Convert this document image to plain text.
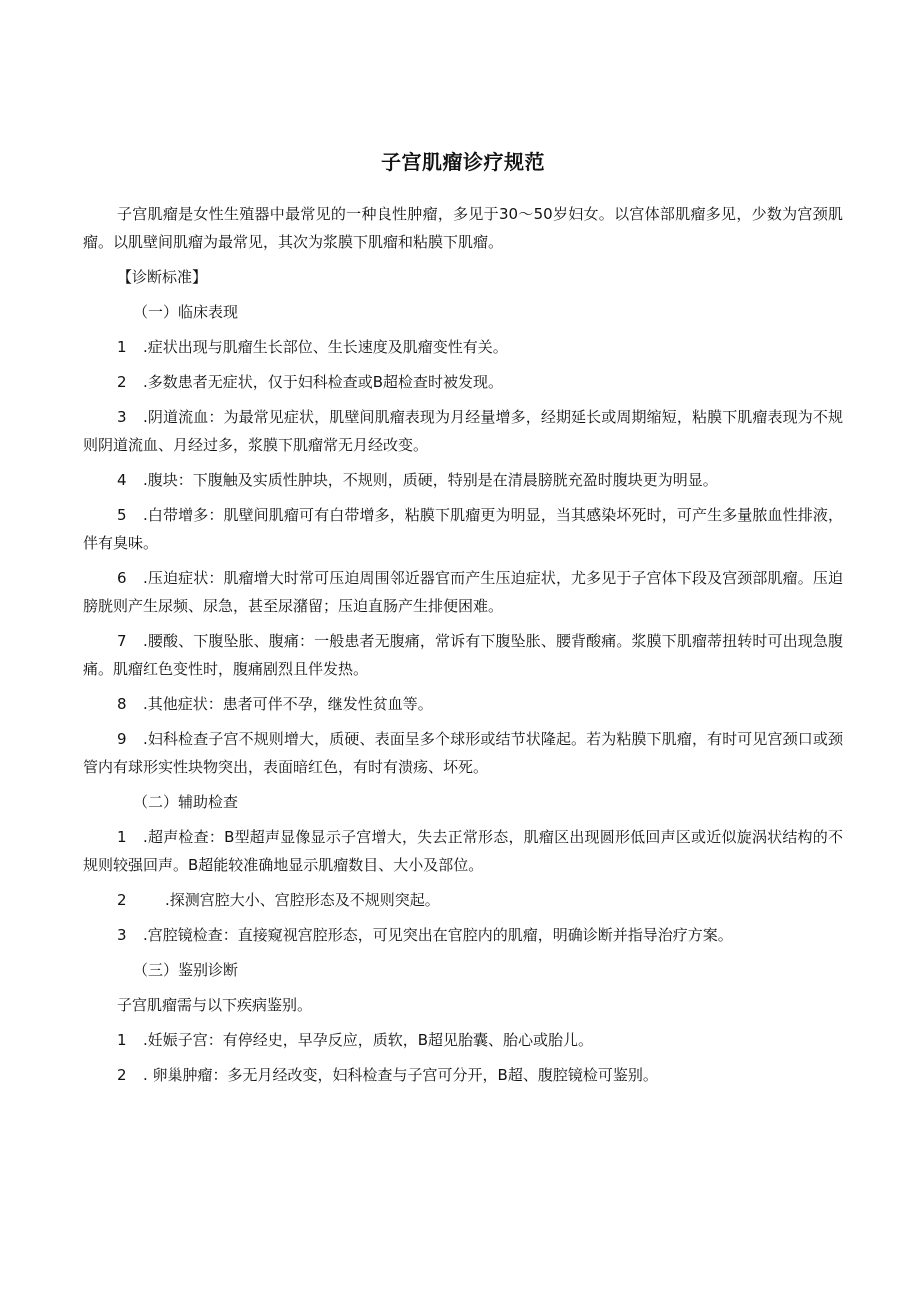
子宫肌瘤诊疗规范

子宫肌瘤是女性生殖器中最常见的一种良性肿瘤，多见于30～50岁妇女。以宫体部肌瘤多见，少数为宫颈肌瘤。以肌壁间肌瘤为最常见，其次为浆膜下肌瘤和粘膜下肌瘤。

【诊断标准】

（一）临床表现

1 .症状出现与肌瘤生长部位、生长速度及肌瘤变性有关。

2 .多数患者无症状，仅于妇科检查或B超检查时被发现。

3 .阴道流血：为最常见症状，肌壁间肌瘤表现为月经量增多，经期延长或周期缩短，粘膜下肌瘤表现为不规则阴道流血、月经过多，浆膜下肌瘤常无月经改变。

4 .腹块：下腹触及实质性肿块，不规则，质硬，特别是在清晨膀胱充盈时腹块更为明显。

5 .白带增多：肌壁间肌瘤可有白带增多，粘膜下肌瘤更为明显，当其感染坏死时，可产生多量脓血性排液，伴有臭味。

6 .压迫症状：肌瘤增大时常可压迫周围邻近器官而产生压迫症状，尤多见于子宫体下段及宫颈部肌瘤。压迫膀胱则产生尿频、尿急，甚至尿潴留；压迫直肠产生排便困难。

7 .腰酸、下腹坠胀、腹痛：一般患者无腹痛，常诉有下腹坠胀、腰背酸痛。浆膜下肌瘤蒂扭转时可出现急腹痛。肌瘤红色变性时，腹痛剧烈且伴发热。

8 .其他症状：患者可伴不孕，继发性贫血等。

9 .妇科检查子宫不规则增大，质硬、表面呈多个球形或结节状隆起。若为粘膜下肌瘤，有时可见宫颈口或颈管内有球形实性块物突出，表面暗红色，有时有溃疡、坏死。

（二）辅助检查

1 .超声检查：B型超声显像显示子宫增大，失去正常形态，肌瘤区出现圆形低回声区或近似旋涡状结构的不规则较强回声。B超能较准确地显示肌瘤数目、大小及部位。

2	.探测宫腔大小、宫腔形态及不规则突起。

3 .宫腔镜检查：直接窥视宫腔形态，可见突出在官腔内的肌瘤，明确诊断并指导治疗方案。

（三）鉴别诊断

子宫肌瘤需与以下疾病鉴别。

1 .妊娠子宫：有停经史，早孕反应，质软，B超见胎囊、胎心或胎儿。

2 . 卵巢肿瘤：多无月经改变，妇科检查与子宫可分开，B超、腹腔镜检可鉴别。
